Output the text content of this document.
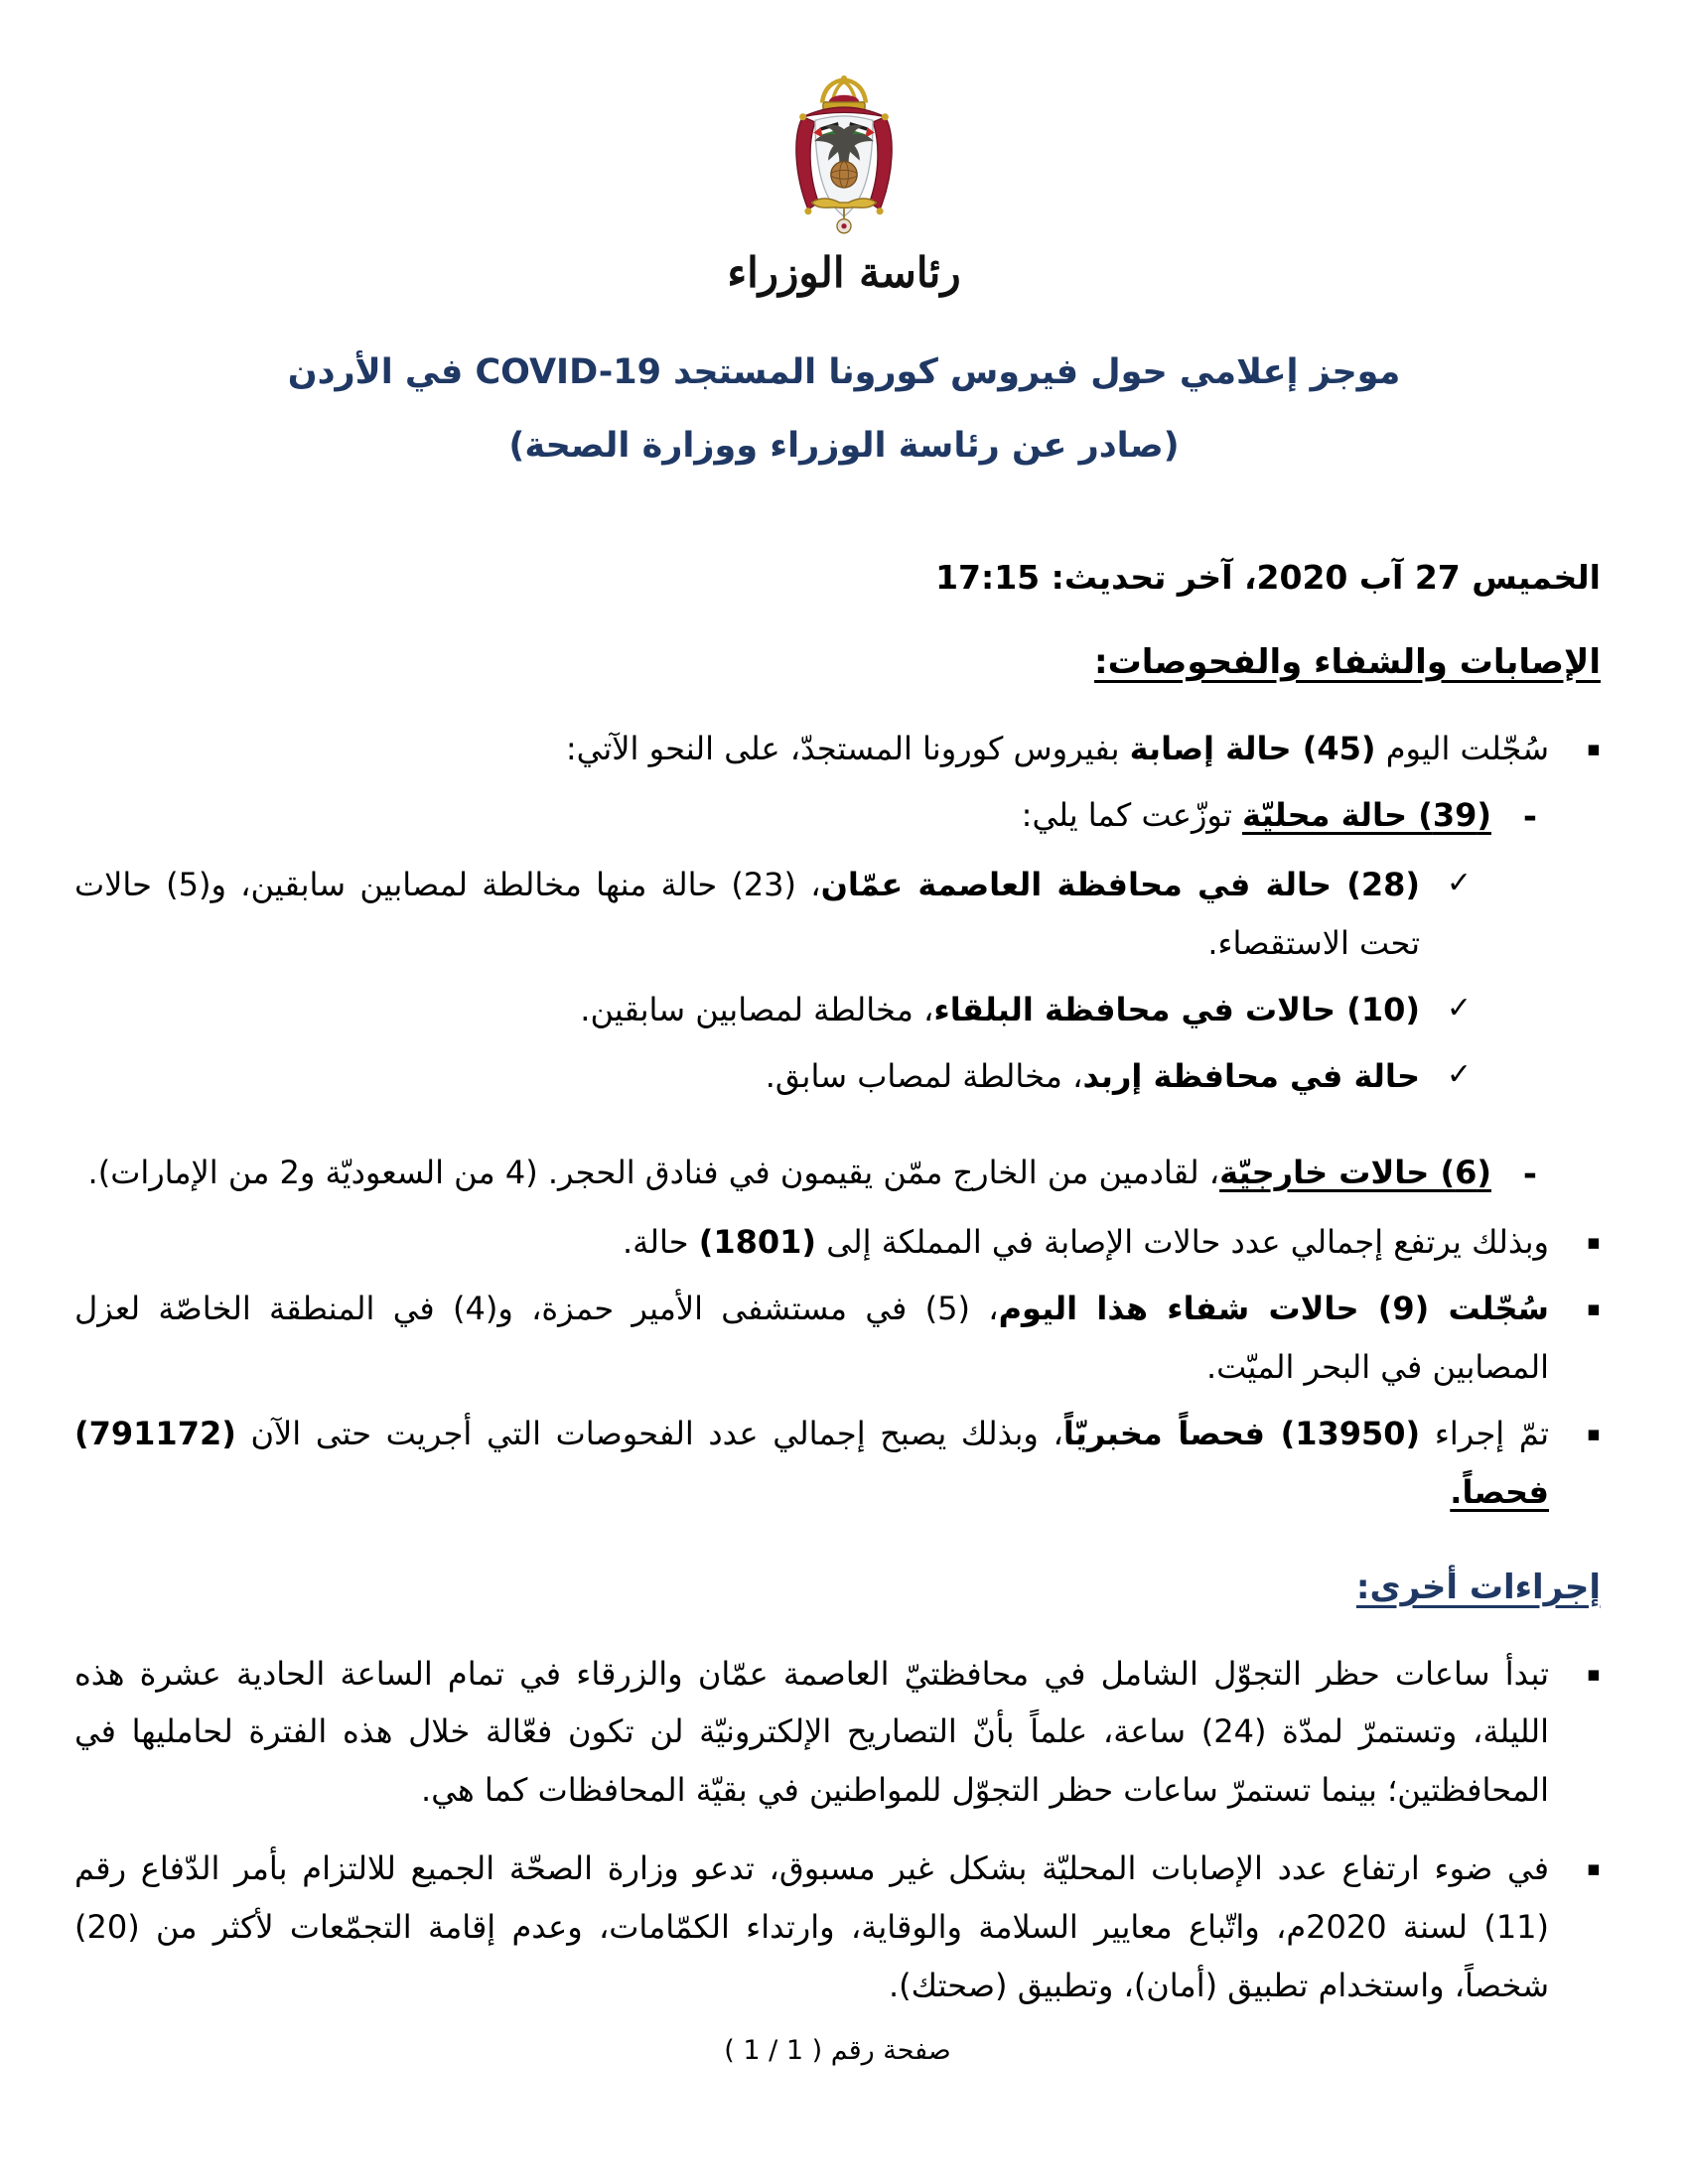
رئاسة الوزراء
موجز إعلامي حول فيروس كورونا المستجد COVID-19 في الأردن
(صادر عن رئاسة الوزراء ووزارة الصحة)
الخميس 27 آب 2020، آخر تحديث: 17:15
الإصابات والشفاء والفحوصات:
▪
سُجّلت اليوم (45) حالة إصابة بفيروس كورونا المستجدّ، على النحو الآتي:
-
(39) حالة محليّة توزّعت كما يلي:
✓
(28) حالة في محافظة العاصمة عمّان، (23) حالة منها مخالطة لمصابين سابقين، و(5) حالات تحت الاستقصاء.
✓
(10) حالات في محافظة البلقاء، مخالطة لمصابين سابقين.
✓
حالة في محافظة إربد، مخالطة لمصاب سابق.
-
(6) حالات خارجيّة، لقادمين من الخارج ممّن يقيمون في فنادق الحجر. (4 من السعوديّة و2 من الإمارات).
▪
وبذلك يرتفع إجمالي عدد حالات الإصابة في المملكة إلى (1801) حالة.
▪
سُجّلت (9) حالات شفاء هذا اليوم، (5) في مستشفى الأمير حمزة، و(4) في المنطقة الخاصّة لعزل المصابين في البحر الميّت.
▪
تمّ إجراء (13950) فحصاً مخبريّاً، وبذلك يصبح إجمالي عدد الفحوصات التي أجريت حتى الآن (791172) فحصاً.
إجراءات أخرى:
▪
تبدأ ساعات حظر التجوّل الشامل في محافظتيّ العاصمة عمّان والزرقاء في تمام الساعة الحادية عشرة هذه الليلة، وتستمرّ لمدّة (24) ساعة، علماً بأنّ التصاريح الإلكترونيّة لن تكون فعّالة خلال هذه الفترة لحامليها في المحافظتين؛ بينما تستمرّ ساعات حظر التجوّل للمواطنين في بقيّة المحافظات كما هي.
▪
في ضوء ارتفاع عدد الإصابات المحليّة بشكل غير مسبوق، تدعو وزارة الصحّة الجميع للالتزام بأمر الدّفاع رقم (11) لسنة 2020م، واتّباع معايير السلامة والوقاية، وارتداء الكمّامات، وعدم إقامة التجمّعات لأكثر من (20) شخصاً، واستخدام تطبيق (أمان)، وتطبيق (صحتك).
صفحة رقم ( 1 / 1 )
